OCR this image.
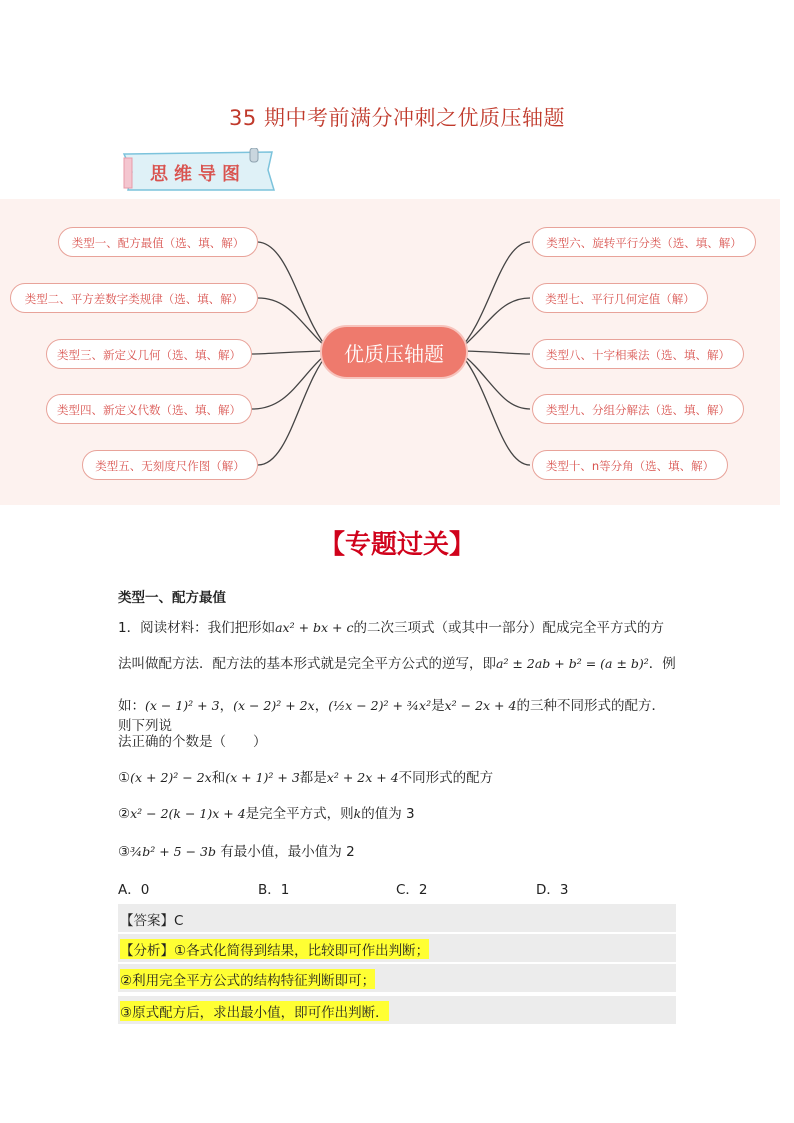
35 期中考前满分冲刺之优质压轴题
思维导图
类型一、配方最值（选、填、解）
类型二、平方差数字类规律（选、填、解）
类型三、新定义几何（选、填、解）
类型四、新定义代数（选、填、解）
类型五、无刻度尺作图（解）
类型六、旋转平行分类（选、填、解）
类型七、平行几何定值（解）
类型八、十字相乘法（选、填、解）
类型九、分组分解法（选、填、解）
类型十、n等分角（选、填、解）
优质压轴题
【专题过关】
类型一、配方最值
1．阅读材料：我们把形如ax² + bx + c的二次三项式（或其中一部分）配成完全平方式的方
法叫做配方法．配方法的基本形式就是完全平方公式的逆写，即a² ± 2ab + b² = (a ± b)²．例
如：(x − 1)² + 3，(x − 2)² + 2x，(½x − 2)² + ¾x²是x² − 2x + 4的三种不同形式的配方．则下列说
法正确的个数是（　　）
①(x + 2)² − 2x和(x + 1)² + 3都是x² + 2x + 4不同形式的配方
②x² − 2(k − 1)x + 4是完全平方式，则k的值为 3
③¾b² + 5 − 3b 有最小值，最小值为 2
A．0	B．1	C．2	D．3
【答案】C
【分析】①各式化简得到结果，比较即可作出判断；
②利用完全平方公式的结构特征判断即可；
③原式配方后，求出最小值，即可作出判断．
